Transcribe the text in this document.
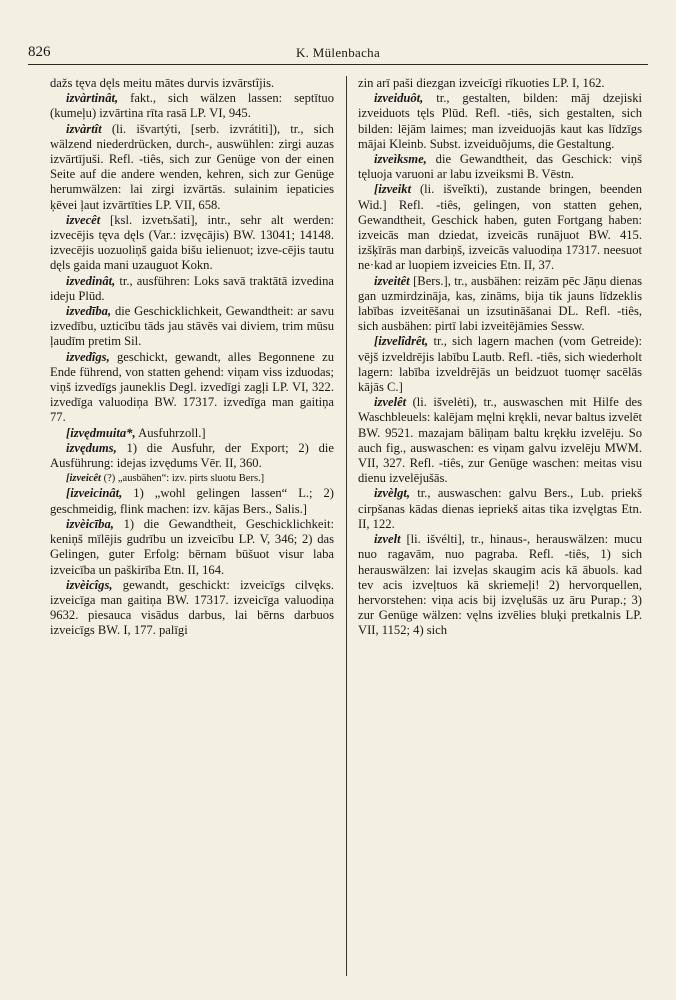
826	K. Mülenbacha

dažs tęva dęls meitu mātes durvis izvārstîjis.

izvàrtinât, fakt., sich wälzen lassen: septītuo (kumeļu) izvārtina rīta rasā LP. VI, 945.

izvàrtît (li. išvartýti, [serb. izvrátiti]), tr., sich wälzend niederdrücken, durch-, auswühlen: zirgi auzas izvārtījuši. Refl. -tiês, sich zur Genüge von der einen Seite auf die andere wenden, kehren, sich zur Genüge herumwälzen: lai zirgi izvārtās. sulainim iepaticies ķēvei ļaut izvārtīties LP. VII, 658.

izvecêt [ksl. izvetъšati], intr., sehr alt werden: izvecējis tęva dęls (Var.: izvęcājis) BW. 13041; 14148. izvecējis uozuoliņš gaida bišu ielienuot; izve-cējis tautu dęls gaida mani uzauguot Kokn.

izvedinât, tr., ausführen: Loks savā traktātā izvedina ideju Plūd.

izvedība, die Geschicklichkeit, Gewandtheit: ar savu izvedību, uzticību tāds jau stāvēs vai diviem, trim mūsu ļaudīm pretim Sil.

izvedîgs, geschickt, gewandt, alles Begonnene zu Ende führend, von statten gehend: viņam viss izduodas; viņš izvedīgs jauneklis Degl. izvedīgi zagļi LP. VI, 322. izvedīga valuodiņa BW. 17317. izvedīga man gaitiņa 77.

[izvędmuita*, Ausfuhrzoll.]

izvędums, 1) die Ausfuhr, der Export; 2) die Ausführung: idejas izvędums Vēr. II, 360.

[izveicêt (?) „ausbähen“: izv. pirts sluotu Bers.]

[izveicinât, 1) „wohl gelingen lassen“ L.; 2) geschmeidig, flink machen: izv. kājas Bers., Salis.]

izvèicība, 1) die Gewandtheit, Geschicklichkeit: keniņš mīlējis gudrību un izveicību LP. V, 346; 2) das Gelingen, guter Erfolg: bērnam būšuot visur laba izveicība un paškirība Etn. II, 164.

izvèicîgs, gewandt, geschickt: izveicīgs cilvęks. izveicīga man gaitiņa BW. 17317. izveicīga valuodiņa 9632. piesauca visādus darbus, lai bērns darbuos izveicīgs BW. I, 177. palīgi

zin arī paši diezgan izveicīgi rīkuoties LP. I, 162.

izveiduôt, tr., gestalten, bilden: māj dzejiski izveiduots tęls Plūd. Refl. -tiês, sich gestalten, sich bilden: lējām laimes; man izveiduojās kaut kas līdzīgs mājai Kleinb. Subst. izveiduõjums, die Gestaltung.

izveìksme, die Gewandtheit, das Geschick: viņš tęluoja varuoni ar labu izveiksmi B. Vēstn.

[izveikt (li. išveĩkti), zustande bringen, beenden Wid.] Refl. -tiês, gelingen, von statten gehen, Gewandtheit, Geschick haben, guten Fortgang haben: izveicās man dziedat, izveicās runājuot BW. 415. izšķīrās man darbiņš, izveicās valuodiņa 17317. neesuot ne·kad ar luopiem izveicies Etn. II, 37.

izveitêt [Bers.], tr., ausbähen: reizām pēc Jāņu dienas gan uzmirdzināja, kas, zināms, bija tik jauns līdzeklis labības izveitēšanai un izsutināšanai DL. Refl. -tiês, sich ausbähen: pirtī labi izveitējāmies Sessw.

[izvelîdrêt, tr., sich lagern machen (vom Getreide): vējš izveldrējis labību Lautb. Refl. -tiês, sich wiederholt lagern: labība izveldrējās un beidzuot tuomęr sacēlās kājās C.]

izvelêt (li. išvelėti), tr., auswaschen mit Hilfe des Waschbleuels: kalējam męlni krękli, nevar baltus izvelēt BW. 9521. mazajam bāliņam baltu krękłu izvelēju. So auch fig., auswaschen: es viņam galvu izvelēju MWM. VII, 327. Refl. -tiês, zur Genüge waschen: meitas visu dienu izvelējušās.

izvèlgt, tr., auswaschen: galvu Bers., Lub. priekš cirpšanas kādas dienas iepriekš aitas tika izvęlgtas Etn. II, 122.

izvelt [li. išvélti], tr., hinaus-, herauswälzen: mucu nuo ragavām, nuo pagraba. Refl. -tiês, 1) sich herauswälzen: lai izveļas skaugim acis kā ābuols. kad tev acis izveļtuos kā skriemeļi! 2) hervorquellen, hervorstehen: viņa acis bij izvęlušās uz āru Purap.; 3) zur Genüge wälzen: vęlns izvēlies bluķi pretkalnis LP. VII, 1152; 4) sich
